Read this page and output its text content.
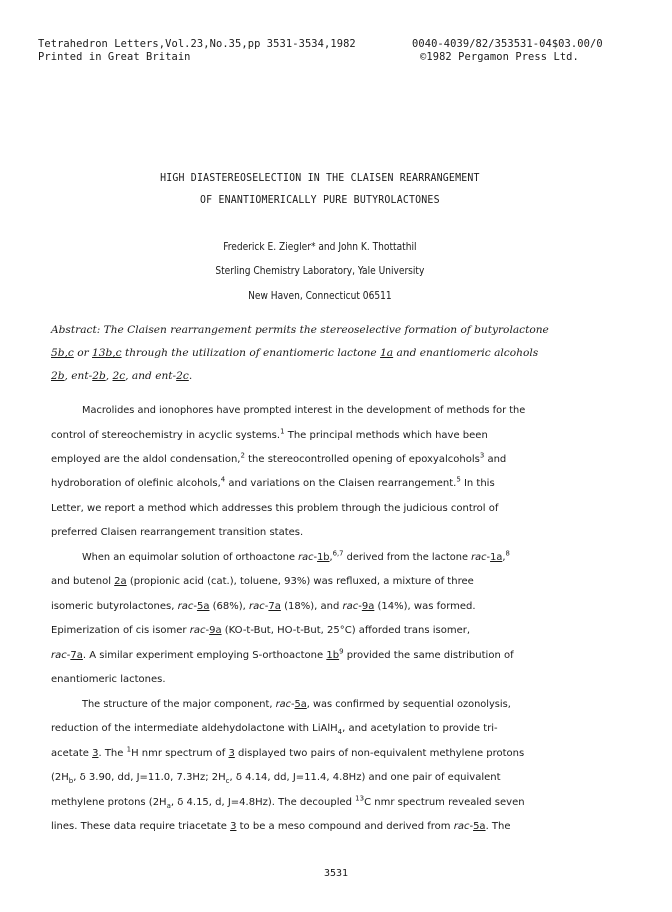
Tetrahedron Letters,Vol.23,No.35,pp 3531-3534,1982
Printed in Great Britain
0040-4039/82/353531-04$03.00/0
©1982 Pergamon Press Ltd.
HIGH DIASTEREOSELECTION IN THE CLAISEN REARRANGEMENT
OF ENANTIOMERICALLY PURE BUTYROLACTONES
Frederick E. Ziegler* and John K. Thottathil
Sterling Chemistry Laboratory, Yale University
New Haven, Connecticut 06511
Abstract: The Claisen rearrangement permits the stereoselective formation of butyrolactone
5b,c or 13b,c through the utilization of enantiomeric lactone 1a and enantiomeric alcohols
2b, ent-2b, 2c, and ent-2c.
Macrolides and ionophores have prompted interest in the development of methods for the
control of stereochemistry in acyclic systems.$^1$ The principal methods which have been
employed are the aldol condensation,$^2$ the stereocontrolled opening of epoxyalcohols$^3$ and
hydroboration of olefinic alcohols,$^4$ and variations on the Claisen rearrangement.$^5$ In this
Letter, we report a method which addresses this problem through the judicious control of
preferred Claisen rearrangement transition states.
When an equimolar solution of orthoactone rac-1b,$^{6,7}$ derived from the lactone rac-1a,$^8$
and butenol 2a (propionic acid (cat.), toluene, 93%) was refluxed, a mixture of three
isomeric butyrolactones, rac-5a (68%), rac-7a (18%), and rac-9a (14%), was formed.
Epimerization of cis isomer rac-9a (KO-t-But, HO-t-But, 25°C) afforded trans isomer,
rac-7a. A similar experiment employing S-orthoactone $1b^9$ provided the same distribution of
enantiomeric lactones.
The structure of the major component, rac-5a, was confirmed by sequential ozonolysis,
reduction of the intermediate aldehydolactone with LiAlH$_4$, and acetylation to provide tri-
acetate 3. The $^1$H nmr spectrum of 3 displayed two pairs of non-equivalent methylene protons
($2H_b$, δ 3.90, dd, J=11.0, 7.3Hz; $2H_c$, δ 4.14, dd, J=11.4, 4.8Hz) and one pair of equivalent
methylene protons ($2H_a$, δ 4.15, d, J=4.8Hz). The decoupled $^{13}$C nmr spectrum revealed seven
lines. These data require triacetate 3 to be a meso compound and derived from rac-5a. The
3531
